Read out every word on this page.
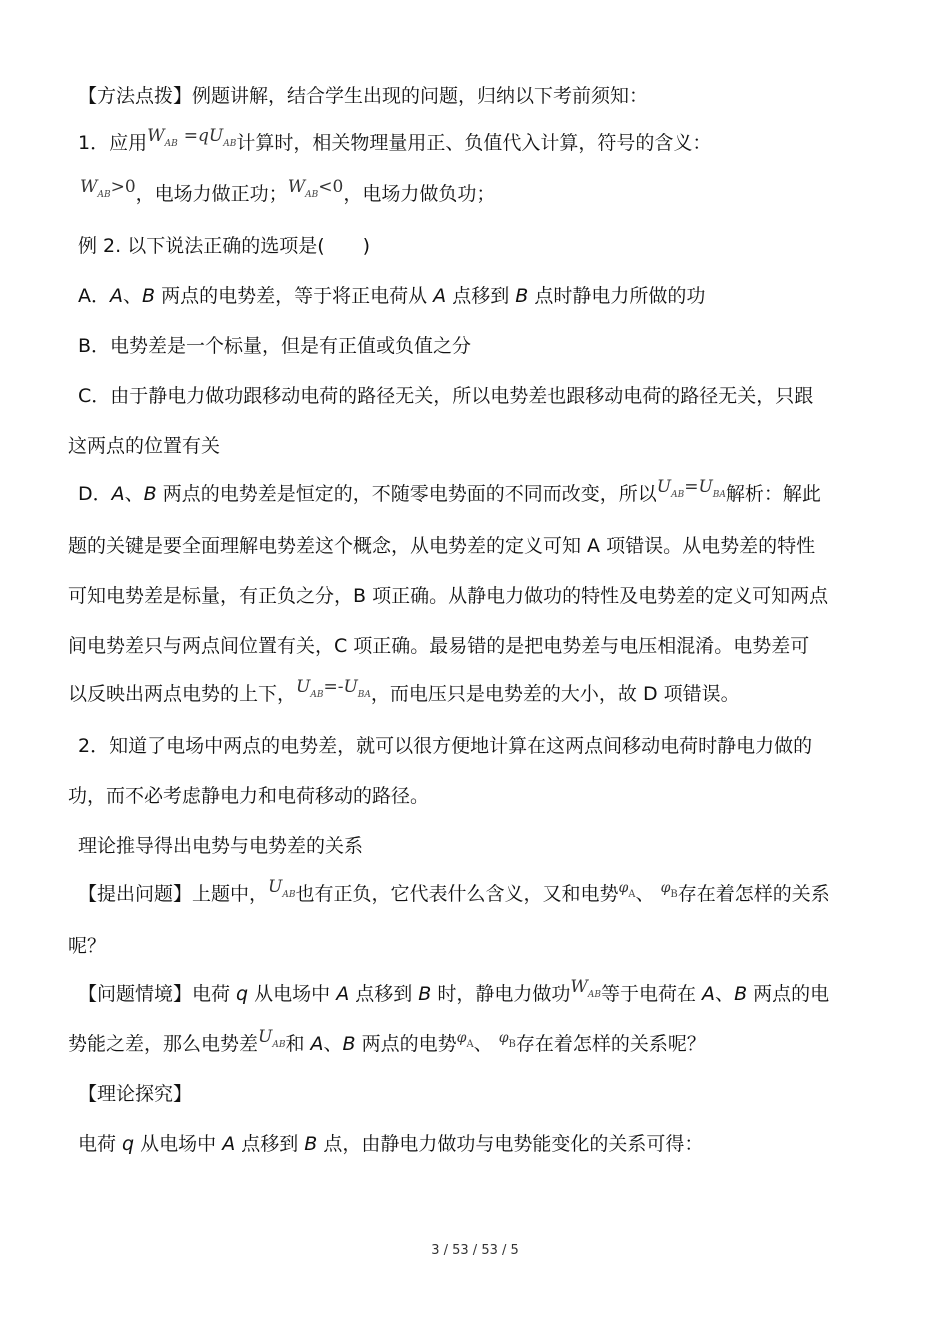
【方法点拨】例题讲解，结合学生出现的问题，归纳以下考前须知：
1．应用$W_{AB} =qU_{AB}$计算时，相关物理量用正、负值代入计算，符号的含义：
$W_{AB}>0$，电场力做正功；$W_{AB}<0$，电场力做负功；
例 2. 以下说法正确的选项是(　　)
A．A、B 两点的电势差，等于将正电荷从 A 点移到 B 点时静电力所做的功
B．电势差是一个标量，但是有正值或负值之分
C．由于静电力做功跟移动电荷的路径无关，所以电势差也跟移动电荷的路径无关，只跟
这两点的位置有关
D．A、B 两点的电势差是恒定的，不随零电势面的不同而改变，所以$U_{AB}=U_{BA}$解析：解此
题的关键是要全面理解电势差这个概念，从电势差的定义可知 A 项错误。从电势差的特性
可知电势差是标量，有正负之分，B 项正确。从静电力做功的特性及电势差的定义可知两点
间电势差只与两点间位置有关，C 项正确。最易错的是把电势差与电压相混淆。电势差可
以反映出两点电势的上下，$U_{AB}=-U_{BA}$，而电压只是电势差的大小，故 D 项错误。
2．知道了电场中两点的电势差，就可以很方便地计算在这两点间移动电荷时静电力做的
功，而不必考虑静电力和电荷移动的路径。
理论推导得出电势与电势差的关系
【提出问题】上题中，$U_{AB}$也有正负，它代表什么含义，又和电势$\varphi_A$、 $\varphi_B$存在着怎样的关系
呢？
【问题情境】电荷 q 从电场中 A 点移到 B 时，静电力做功$W_{AB}$等于电荷在 A、B 两点的电
势能之差，那么电势差$U_{AB}$和 A、B 两点的电势$\varphi_A$、 $\varphi_B$存在着怎样的关系呢？
【理论探究】
电荷 q 从电场中 A 点移到 B 点，由静电力做功与电势能变化的关系可得：
3 / 53 / 53 / 5
